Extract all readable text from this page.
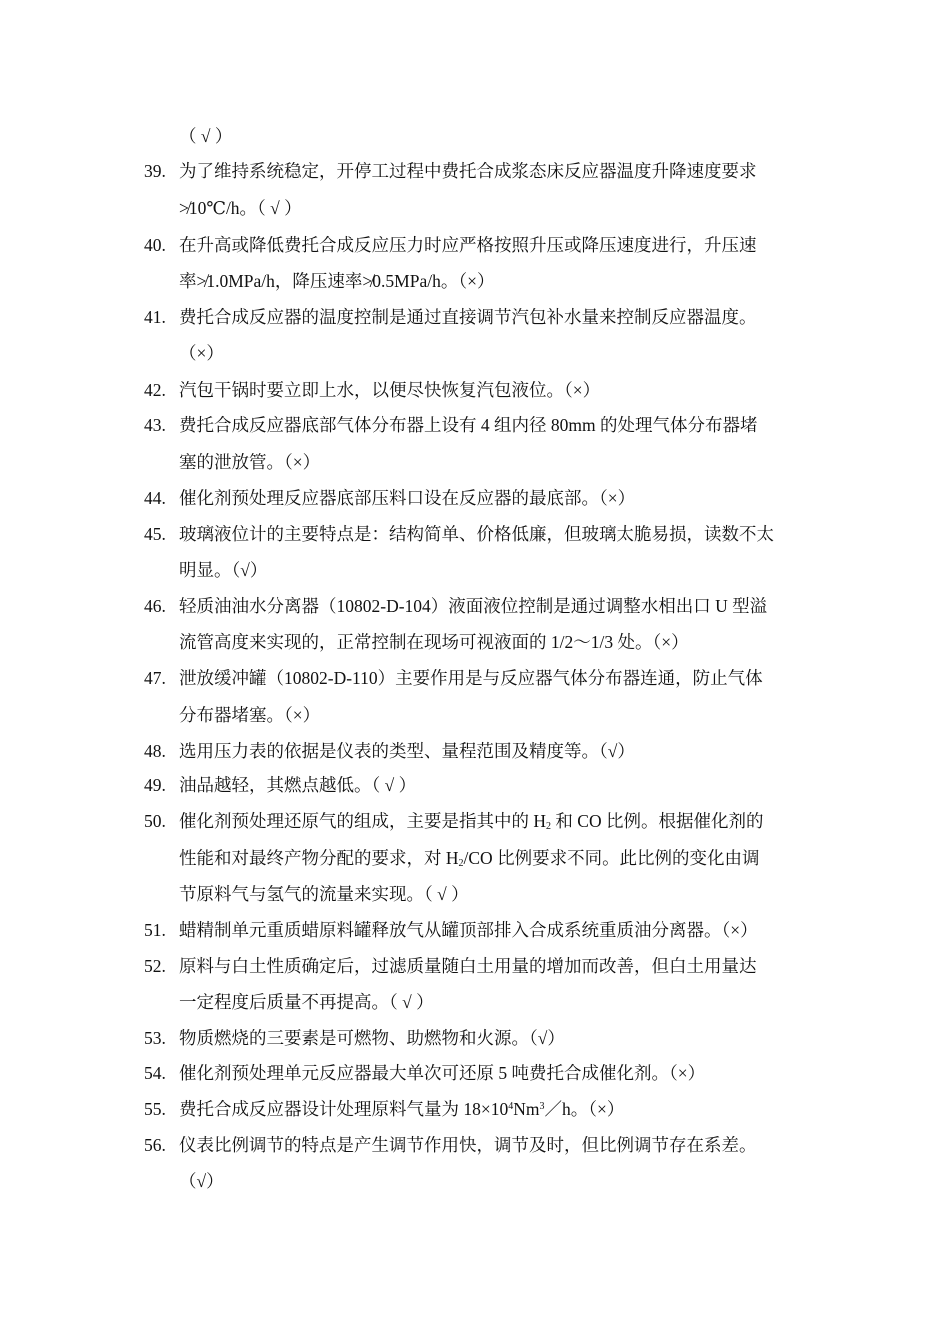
（ √ ）
39. 为了维持系统稳定，开停工过程中费托合成浆态床反应器温度升降速度要求
≯10℃/h。（ √ ）
40. 在升高或降低费托合成反应压力时应严格按照升压或降压速度进行，升压速
率≯1.0MPa/h，降压速率≯0.5MPa/h。（×）
41. 费托合成反应器的温度控制是通过直接调节汽包补水量来控制反应器温度。
（×）
42. 汽包干锅时要立即上水，以便尽快恢复汽包液位。（×）
43. 费托合成反应器底部气体分布器上设有 4 组内径 80mm 的处理气体分布器堵
塞的泄放管。（×）
44. 催化剂预处理反应器底部压料口设在反应器的最底部。（×）
45. 玻璃液位计的主要特点是：结构简单、价格低廉，但玻璃太脆易损，读数不太
明显。（√）
46. 轻质油油水分离器（10802-D-104）液面液位控制是通过调整水相出口 U 型溢
流管高度来实现的，正常控制在现场可视液面的 1/2～1/3 处。（×）
47. 泄放缓冲罐（10802-D-110）主要作用是与反应器气体分布器连通，防止气体
分布器堵塞。（×）
48. 选用压力表的依据是仪表的类型、量程范围及精度等。（√）
49. 油品越轻，其燃点越低。（ √ ）
50. 催化剂预处理还原气的组成，主要是指其中的 $H_2$ 和 CO 比例。根据催化剂的
性能和对最终产物分配的要求，对 $H_2/CO$ 比例要求不同。此比例的变化由调
节原料气与氢气的流量来实现。（ √ ）
51. 蜡精制单元重质蜡原料罐释放气从罐顶部排入合成系统重质油分离器。（×）
52. 原料与白土性质确定后，过滤质量随白土用量的增加而改善，但白土用量达
一定程度后质量不再提高。（ √ ）
53. 物质燃烧的三要素是可燃物、助燃物和火源。（√）
54. 催化剂预处理单元反应器最大单次可还原 5 吨费托合成催化剂。（×）
55. 费托合成反应器设计处理原料气量为 $18\times 10^4Nm^3/h$。（×）
56. 仪表比例调节的特点是产生调节作用快，调节及时，但比例调节存在系差。
（√）
